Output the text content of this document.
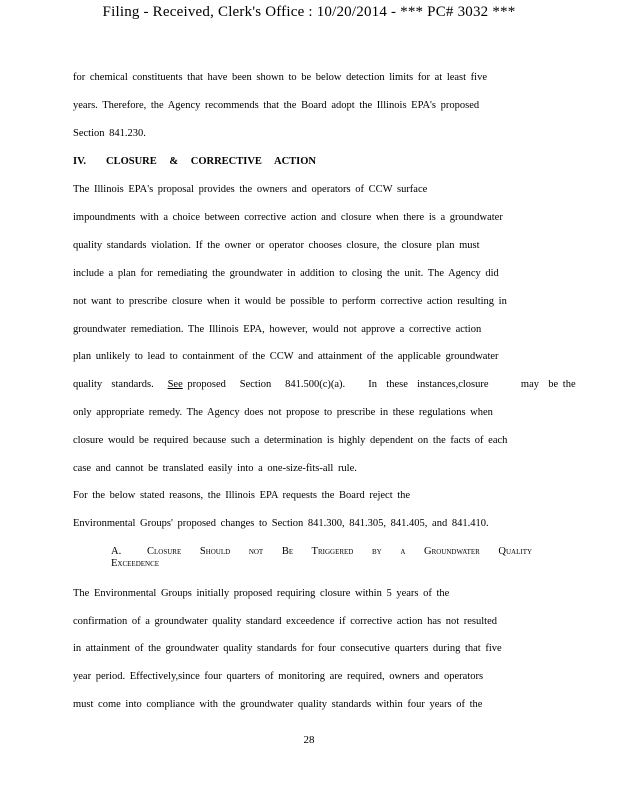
Filing - Received, Clerk's Office : 10/20/2014 - *** PC# 3032 ***
for chemical constituents that have been shown to be below detection limits for at least five
years. Therefore, the Agency recommends that the Board adopt the Illinois EPA's proposed
Section 841.230.
IV. CLOSURE & CORRECTIVE ACTION
The Illinois EPA's proposal provides the owners and operators of CCW surface
impoundments with a choice between corrective action and closure when there is a groundwater
quality standards violation. If the owner or operator chooses closure, the closure plan must
include a plan for remediating the groundwater in addition to closing the unit. The Agency did
not want to prescribe closure when it would be possible to perform corrective action resulting in
groundwater remediation. The Illinois EPA, however, would not approve a corrective action
plan unlikely to lead to containment of the CCW and attainment of the applicable groundwater
quality  standards.   See proposed   Section   841.500(c)(a).     In  these  instances,closure       may  be the
only appropriate remedy. The Agency does not propose to prescribe in these regulations when
closure would be required because such a determination is highly dependent on the facts of each
case and cannot be translated easily into a one-size-fits-all rule.
For the below stated reasons, the Illinois EPA requests the Board reject the
Environmental Groups' proposed changes to Section 841.300, 841.305, 841.405, and 841.410.
A. Closure Should not Be Triggered by a Groundwater Quality Exceedence
The Environmental Groups initially proposed requiring closure within 5 years of the
confirmation of a groundwater quality standard exceedence if corrective action has not resulted
in attainment of the groundwater quality standards for four consecutive quarters during that five
year period. Effectively,since four quarters of monitoring are required, owners and operators
must come into compliance with the groundwater quality standards within four years of the
28
